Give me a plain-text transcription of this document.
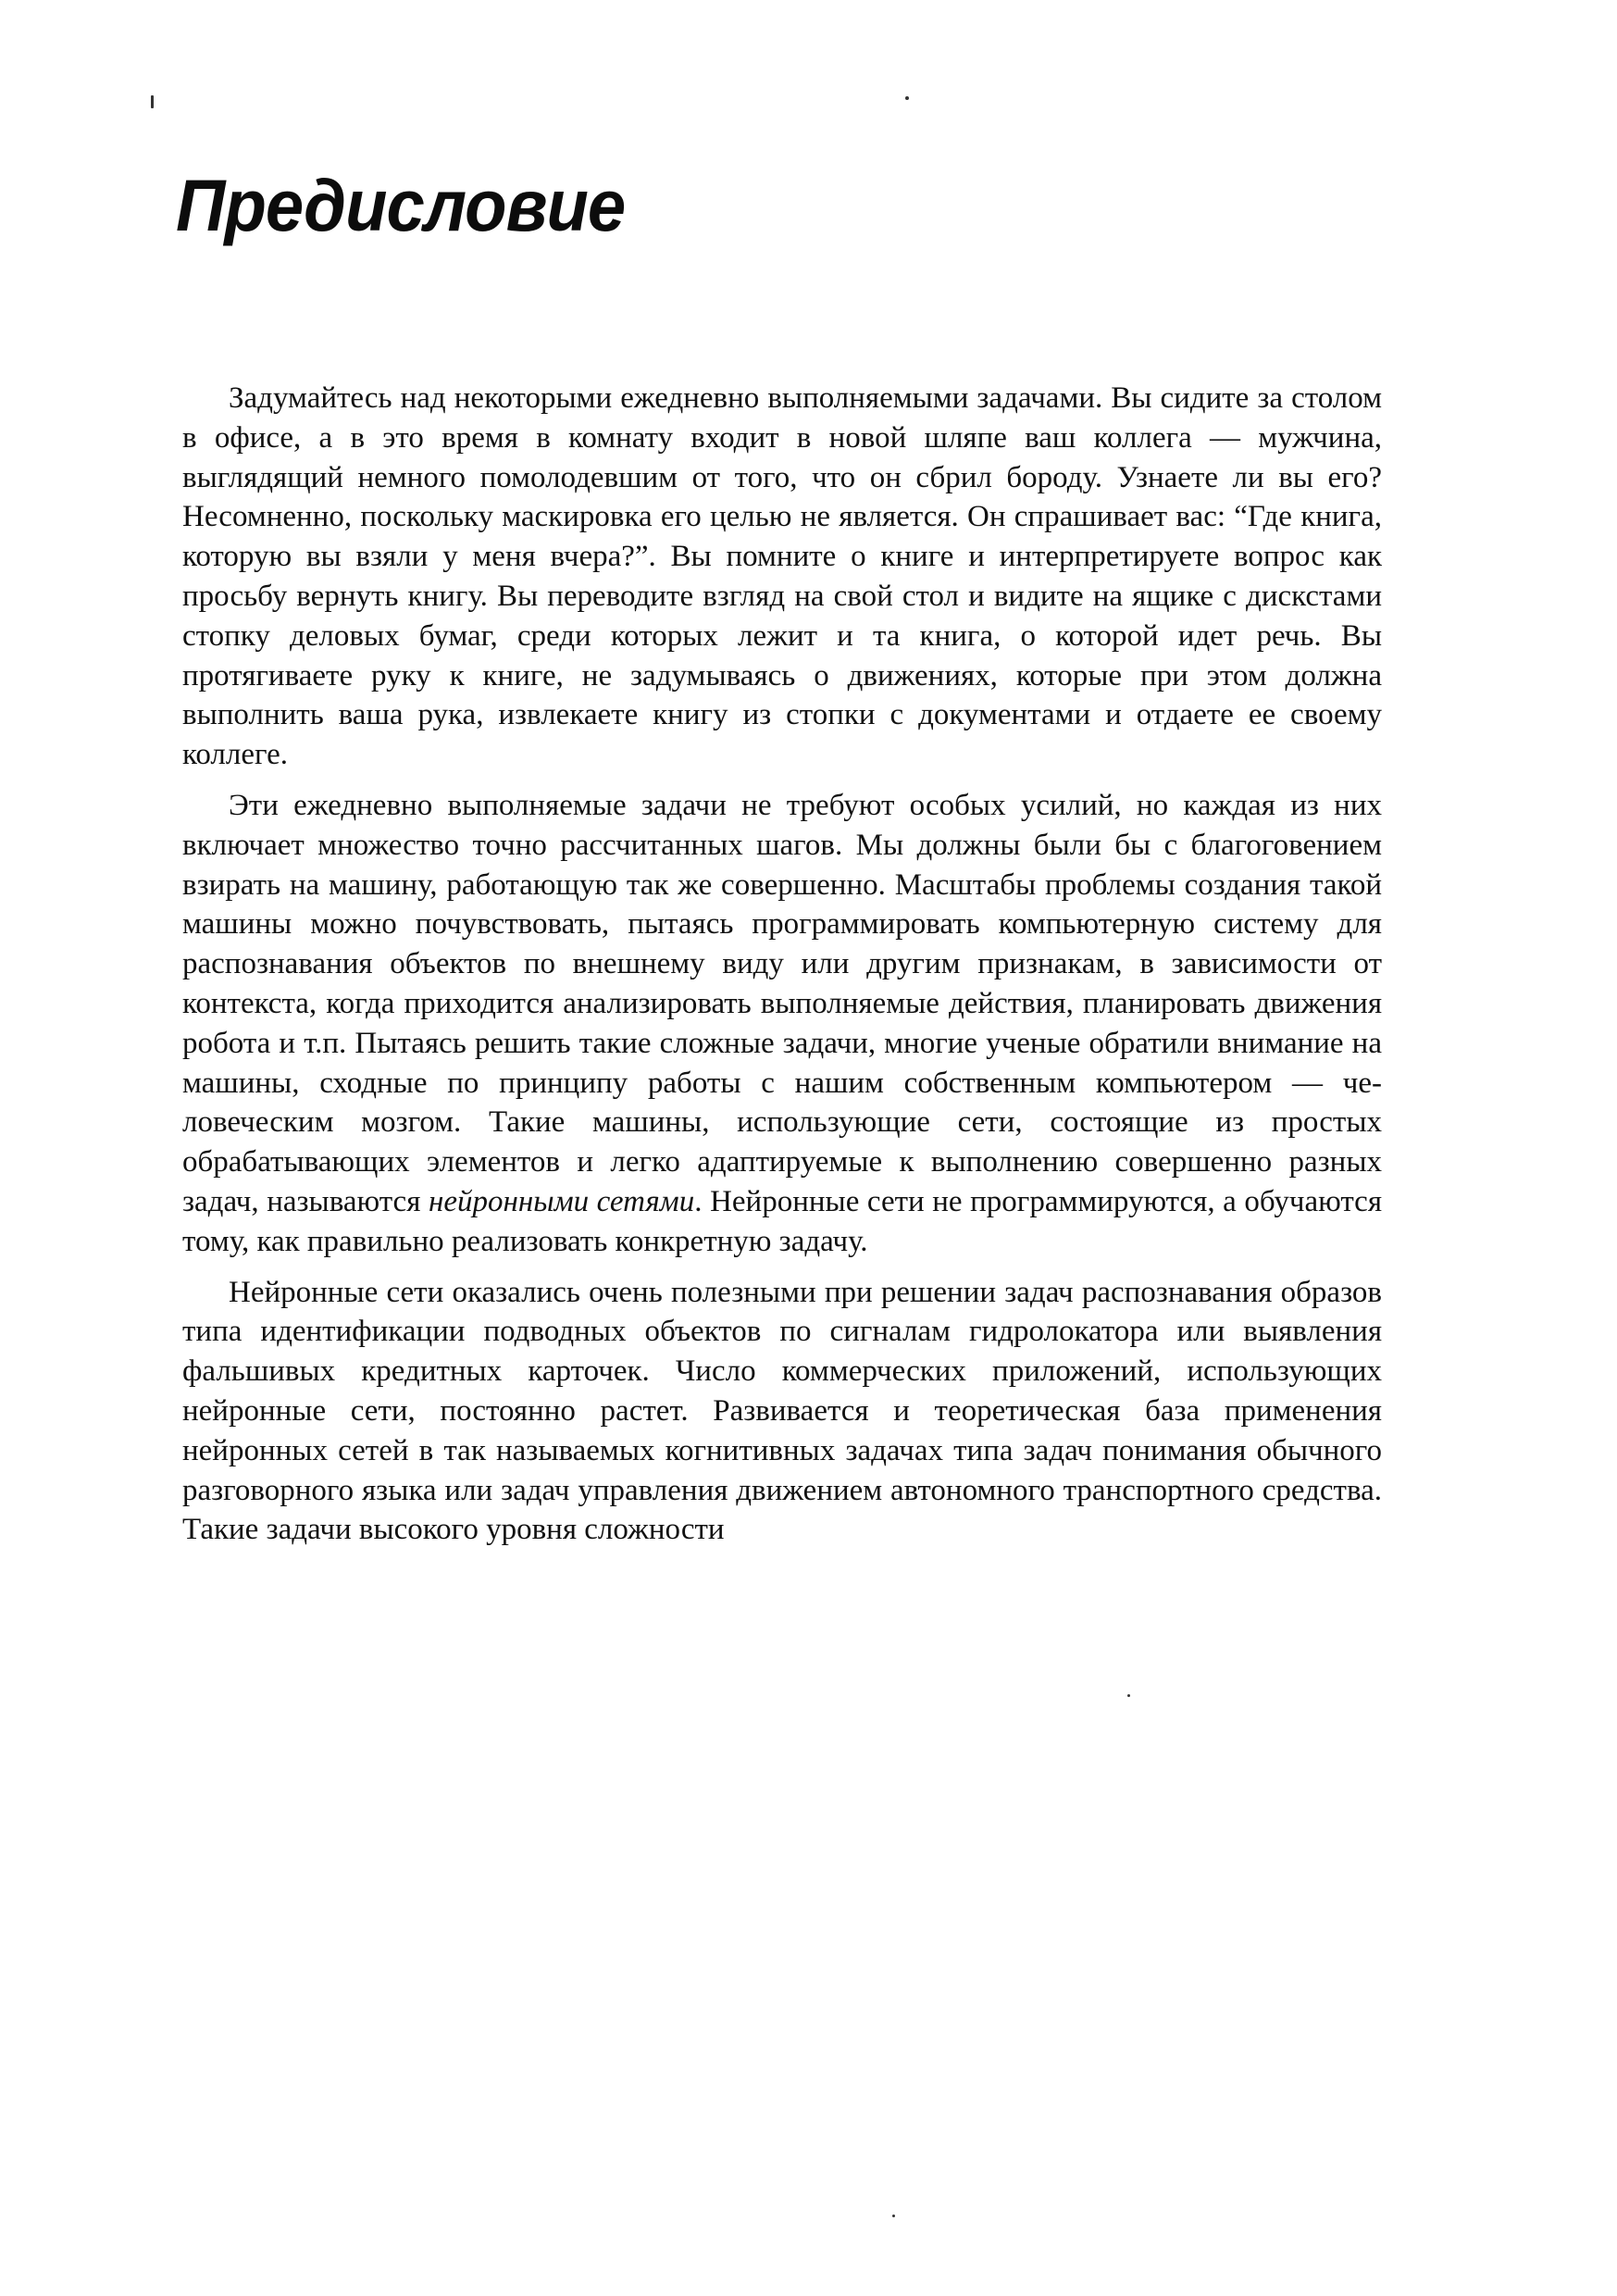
Предисловие

Задумайтесь над некоторыми ежедневно выполняемыми задачами. Вы сидите за столом в офисе, а в это время в комнату входит в новой шляпе ваш коллега — мужчина, выглядящий немного помолодевшим от того, что он сбрил бороду. Узнаете ли вы его? Несомненно, поскольку маскировка его целью не является. Он спрашивает вас: “Где книга, которую вы взяли у меня вчера?”. Вы помните о книге и интерпретируете вопрос как просьбу вернуть книгу. Вы переводите взгляд на свой стол и видите на ящике с дискстами стопку деловых бумаг, среди которых лежит и та книга, о которой идет речь. Вы протягиваете руку к книге, не задумываясь о движениях, которые при этом должна выполнить ваша рука, извлекаете книгу из стопки с документами и отдаете ее своему коллеге.

Эти ежедневно выполняемые задачи не требуют особых усилий, но каждая из них включает множество точно рассчитанных шагов. Мы должны были бы с благоговением взирать на машину, работающую так же совершенно. Масштабы проблемы создания такой машины можно почувствовать, пытаясь программировать компьютерную систему для распознавания объектов по внешнему виду или другим признакам, в зависимости от контекста, когда приходится анализировать выполняемые действия, планировать движения робота и т.п. Пытаясь решить такие сложные задачи, многие ученые обратили внимание на машины, сходные по принципу работы с нашим собственным компьютером — человеческим мозгом. Такие машины, использующие сети, состоящие из простых обрабатывающих элементов и легко адаптируемые к выполнению совершенно разных задач, называются нейронными сетями. Нейронные сети не программируются, а обучаются тому, как правильно реализовать конкретную задачу.

Нейронные сети оказались очень полезными при решении задач распознавания образов типа идентификации подводных объектов по сигналам гидролокатора или выявления фальшивых кредитных карточек. Число коммерческих приложений, использующих нейронные сети, постоянно растет. Развивается и теоретическая база применения нейронных сетей в так называемых когнитивных задачах типа задач понимания обычного разговорного языка или задач управления движением автономного транспортного средства. Такие задачи высокого уровня сложности
